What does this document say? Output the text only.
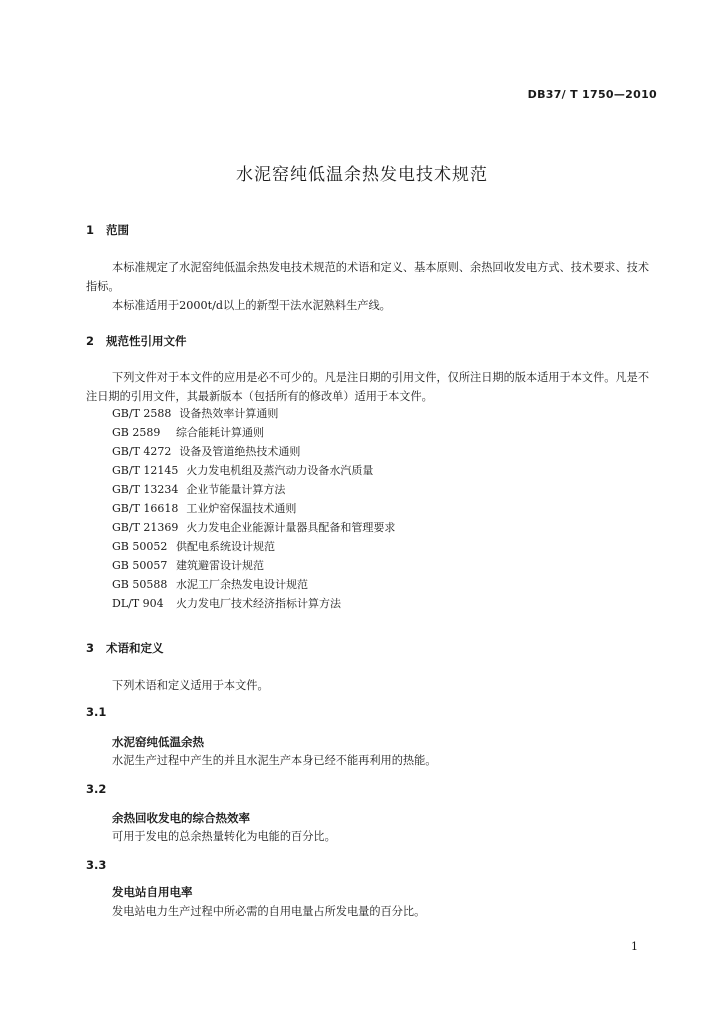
DB37/ T 1750—2010
水泥窑纯低温余热发电技术规范
1 范围

本标准规定了水泥窑纯低温余热发电技术规范的术语和定义、基本原则、余热回收发电方式、技术要求、技术指标。

本标准适用于2000t/d以上的新型干法水泥熟料生产线。

2 规范性引用文件

下列文件对于本文件的应用是必不可少的。凡是注日期的引用文件，仅所注日期的版本适用于本文件。凡是不注日期的引用文件，其最新版本（包括所有的修改单）适用于本文件。

GB/T 2588 设备热效率计算通则
GB 2589 综合能耗计算通则
GB/T 4272 设备及管道绝热技术通则
GB/T 12145 火力发电机组及蒸汽动力设备水汽质量
GB/T 13234 企业节能量计算方法
GB/T 16618 工业炉窑保温技术通则
GB/T 21369 火力发电企业能源计量器具配备和管理要求
GB 50052 供配电系统设计规范
GB 50057 建筑避雷设计规范
GB 50588 水泥工厂余热发电设计规范
DL/T 904 火力发电厂技术经济指标计算方法
3 术语和定义

下列术语和定义适用于本文件。

3.1
水泥窑纯低温余热
水泥生产过程中产生的并且水泥生产本身已经不能再利用的热能。
3.2
余热回收发电的综合热效率
可用于发电的总余热量转化为电能的百分比。
3.3
发电站自用电率
发电站电力生产过程中所必需的自用电量占所发电量的百分比。
1
